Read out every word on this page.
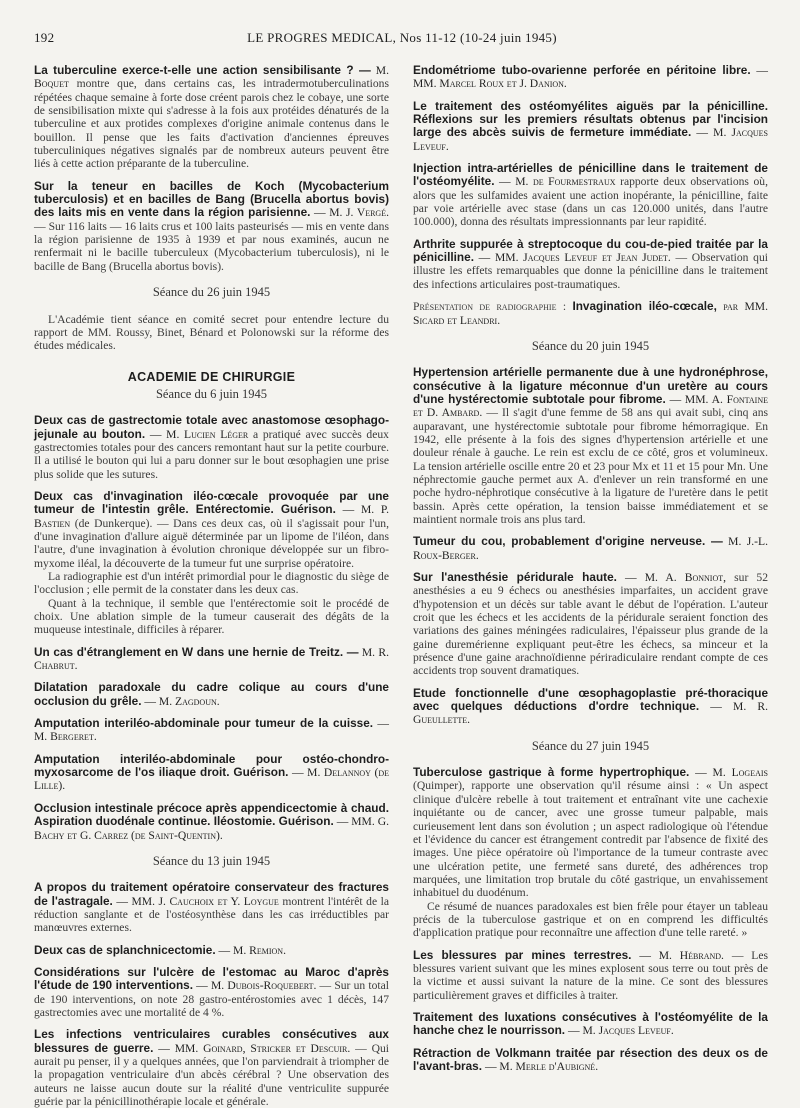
192	LE PROGRES MEDICAL, Nos 11-12 (10-24 juin 1945)
La tuberculine exerce-t-elle une action sensibilisante ? — M. Boquet montre que, dans certains cas, les intradermotuberculinations répétées chaque semaine à forte dose créent parois chez le cobaye, une sorte de sensibilisation mixte qui s'adresse à la fois aux protéides dénaturés de la tuberculine et aux protides complexes d'origine animale contenus dans le bouillon. Il pense que les faits d'activation d'anciennes épreuves tuberculiniques négatives signalés par de nombreux auteurs peuvent être liés à cette action préparante de la tuberculine.
Sur la teneur en bacilles de Koch (Mycobacterium tuberculosis) et en bacilles de Bang (Brucella abortus bovis) des laits mis en vente dans la région parisienne. — M. J. Vergé. — Sur 116 laits — 16 laits crus et 100 laits pasteurisés — mis en vente dans la région parisienne de 1935 à 1939 et par nous examinés, aucun ne renfermait ni le bacille tuberculeux (Mycobacterium tuberculosis), ni le bacille de Bang (Brucella abortus bovis).
Séance du 26 juin 1945

L'Académie tient séance en comité secret pour entendre lecture du rapport de MM. Roussy, Binet, Bénard et Polonowski sur la réforme des études médicales.

ACADEMIE DE CHIRURGIE
Séance du 6 juin 1945
Deux cas de gastrectomie totale avec anastomose œsophago-jejunale au bouton. — M. Lucien Léger a pratiqué avec succès deux gastrectomies totales pour des cancers remontant haut sur la petite courbure. Il a utilisé le bouton qui lui a paru donner sur le bout œsophagien une prise plus solide que les sutures.
Deux cas d'invagination iléo-cœcale provoquée par une tumeur de l'intestin grêle. Entérectomie. Guérison. — M. P. Bastien (de Dunkerque). — Dans ces deux cas, où il s'agissait pour l'un, d'une invagination d'allure aiguë déterminée par un lipome de l'iléon, dans l'autre, d'une invagination à évolution chronique développée sur un fibro-myxome iléal, la découverte de la tumeur fut une surprise opératoire.

La radiographie est d'un intérêt primordial pour le diagnostic du siège de l'occlusion ; elle permit de la constater dans les deux cas.

Quant à la technique, il semble que l'entérectomie soit le procédé de choix. Une ablation simple de la tumeur causerait des dégâts de la muqueuse intestinale, difficiles à réparer.

Un cas d'étranglement en W dans une hernie de Treitz. — M. R. Chabrut.
Dilatation paradoxale du cadre colique au cours d'une occlusion du grêle. — M. Zagdoun.
Amputation interiléo-abdominale pour tumeur de la cuisse. — M. Bergeret.
Amputation interiléo-abdominale pour ostéo-chondro-myxosarcome de l'os iliaque droit. Guérison. — M. Delannoy (de Lille).
Occlusion intestinale précoce après appendicectomie à chaud. Aspiration duodénale continue. Iléostomie. Guérison. — MM. G. Bachy et G. Carrez (de Saint-Quentin).
Séance du 13 juin 1945
A propos du traitement opératoire conservateur des fractures de l'astragale. — MM. J. Cauchoix et Y. Loygue montrent l'intérêt de la réduction sanglante et de l'ostéosynthèse dans les cas irréductibles par manœuvres externes.
Deux cas de splanchnicectomie. — M. Remion.
Considérations sur l'ulcère de l'estomac au Maroc d'après l'étude de 190 interventions. — M. Dubois-Roquebert. — Sur un total de 190 interventions, on note 28 gastro-entérostomies avec 1 décès, 147 gastrectomies avec une mortalité de 4 %.
Les infections ventriculaires curables consécutives aux blessures de guerre. — MM. Goinard, Stricker et Descuir. — Qui aurait pu penser, il y a quelques années, que l'on parviendrait à triompher de la propagation ventriculaire d'un abcès cérébral ? Une observation des auteurs ne laisse aucun doute sur la réalité d'une ventriculite suppurée guérie par la pénicillinothérapie locale et générale.
Endométriome tubo-ovarienne perforée en péritoine libre. — MM. Marcel Roux et J. Danion.
Le traitement des ostéomyélites aiguës par la pénicilline. Réflexions sur les premiers résultats obtenus par l'incision large des abcès suivis de fermeture immédiate. — M. Jacques Leveuf.
Injection intra-artérielles de pénicilline dans le traitement de l'ostéomyélite. — M. de Fourmestraux rapporte deux observations où, alors que les sulfamides avaient une action inopérante, la pénicilline, faite par voie artérielle avec stase (dans un cas 120.000 unités, dans l'autre 100.000), donna des résultats impressionnants par leur rapidité.
Arthrite suppurée à streptocoque du cou-de-pied traitée par la pénicilline. — MM. Jacques Leveuf et Jean Judet. — Observation qui illustre les effets remarquables que donne la pénicilline dans le traitement des infections articulaires post-traumatiques.
Présentation de radiographie : Invagination iléo-cœcale, par MM. Sicard et Leandri.
Séance du 20 juin 1945
Hypertension artérielle permanente due à une hydronéphrose, consécutive à la ligature méconnue d'un uretère au cours d'une hystérectomie subtotale pour fibrome. — MM. A. Fontaine et D. Ambard. — Il s'agit d'une femme de 58 ans qui avait subi, cinq ans auparavant, une hystérectomie subtotale pour fibrome hémorragique. En 1942, elle présente à la fois des signes d'hypertension artérielle et une douleur rénale à gauche. Le rein est exclu de ce côté, gros et volumineux. La tension artérielle oscille entre 20 et 23 pour Mx et 11 et 15 pour Mn. Une néphrectomie gauche permet aux A. d'enlever un rein transformé en une poche hydro-néphrotique consécutive à la ligature de l'uretère dans le petit bassin. Après cette opération, la tension baisse immédiatement et se maintient normale trois ans plus tard.
Tumeur du cou, probablement d'origine nerveuse. — M. J.-L. Roux-Berger.
Sur l'anesthésie péridurale haute. — M. A. Bonniot, sur 52 anesthésies a eu 9 échecs ou anesthésies imparfaites, un accident grave d'hypotension et un décès sur table avant le début de l'opération. L'auteur croit que les échecs et les accidents de la péridurale seraient fonction des variations des gaines méningées radiculaires, l'épaisseur plus grande de la gaine duremérienne expliquant peut-être les échecs, sa minceur et la présence d'une gaine arachnoïdienne périradiculaire rendant compte de ces accidents trop souvent dramatiques.
Etude fonctionnelle d'une œsophagoplastie pré-thoracique avec quelques déductions d'ordre technique. — M. R. Gueullette.
Séance du 27 juin 1945
Tuberculose gastrique à forme hypertrophique. — M. Logeais (Quimper), rapporte une observation qu'il résume ainsi : « Un aspect clinique d'ulcère rebelle à tout traitement et entraînant vite une cachexie inquiétante ou de cancer, avec une grosse tumeur palpable, mais curieusement lent dans son évolution ; un aspect radiologique où l'étendue et l'évidence du cancer est étrangement contredit par l'absence de fixité des images. Une pièce opératoire où l'importance de la tumeur contraste avec une ulcération petite, une fermeté sans dureté, des adhérences trop marquées, une limitation trop brutale du côté gastrique, un envahissement inhabituel du duodénum.

Ce résumé de nuances paradoxales est bien frêle pour étayer un tableau précis de la tuberculose gastrique et on en comprend les difficultés d'application pratique pour reconnaître une affection d'une telle rareté. »

Les blessures par mines terrestres. — M. Hébrand. — Les blessures varient suivant que les mines explosent sous terre ou tout près de la victime et aussi suivant la nature de la mine. Ce sont des blessures particulièrement graves et difficiles à traiter.
Traitement des luxations consécutives à l'ostéomyélite de la hanche chez le nourrisson. — M. Jacques Leveuf.
Rétraction de Volkmann traitée par résection des deux os de l'avant-bras. — M. Merle d'Aubigné.
